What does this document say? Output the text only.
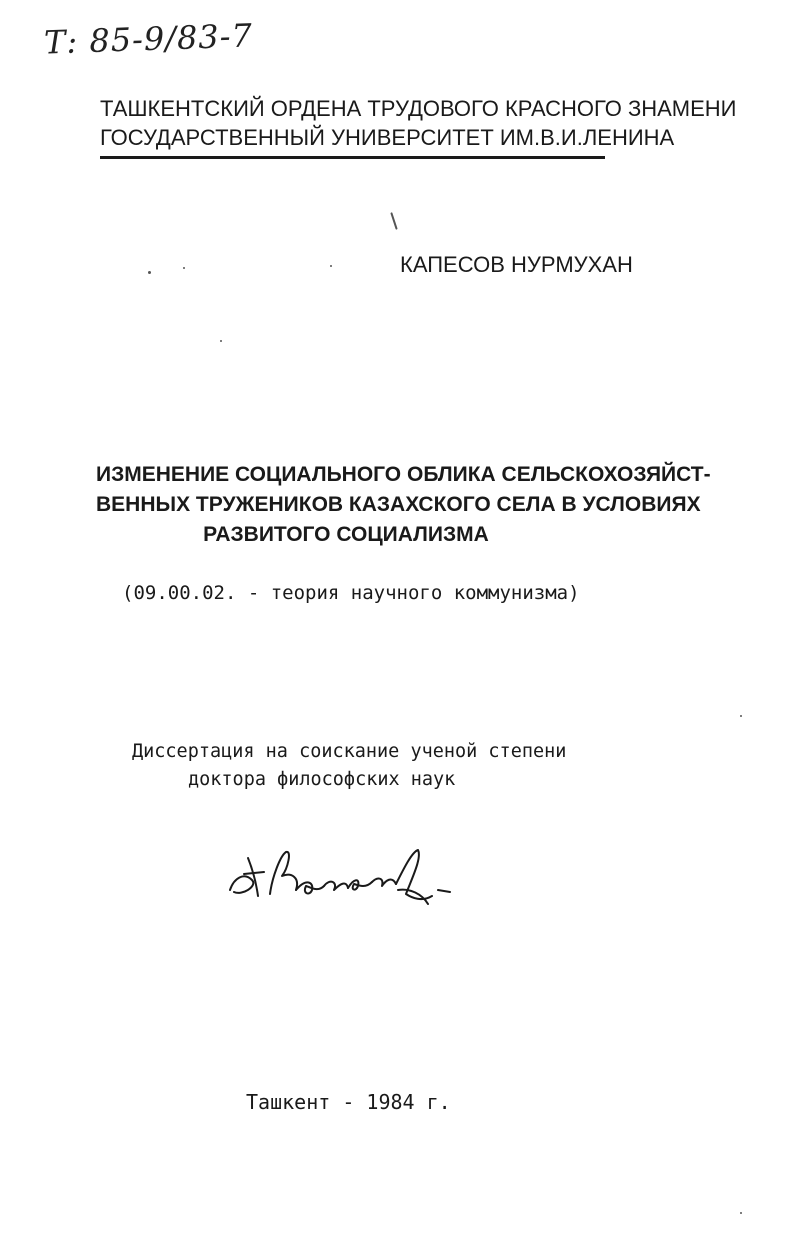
Т: 85-9/83-7
ТАШКЕНТСКИЙ ОРДЕНА ТРУДОВОГО КРАСНОГО ЗНАМЕНИ
ГОСУДАРСТВЕННЫЙ УНИВЕРСИТЕТ ИМ.В.И.ЛЕНИНА
КАПЕСОВ НУРМУХАН
ИЗМЕНЕНИЕ СОЦИАЛЬНОГО ОБЛИКА СЕЛЬСКОХОЗЯЙСТ-
ВЕННЫХ ТРУЖЕНИКОВ КАЗАХСКОГО СЕЛА В УСЛОВИЯХ
РАЗВИТОГО СОЦИАЛИЗМА
(09.00.02. - теория научного коммунизма)
Диссертация на соискание ученой степени
доктора философских наук
Ташкент - 1984 г.
